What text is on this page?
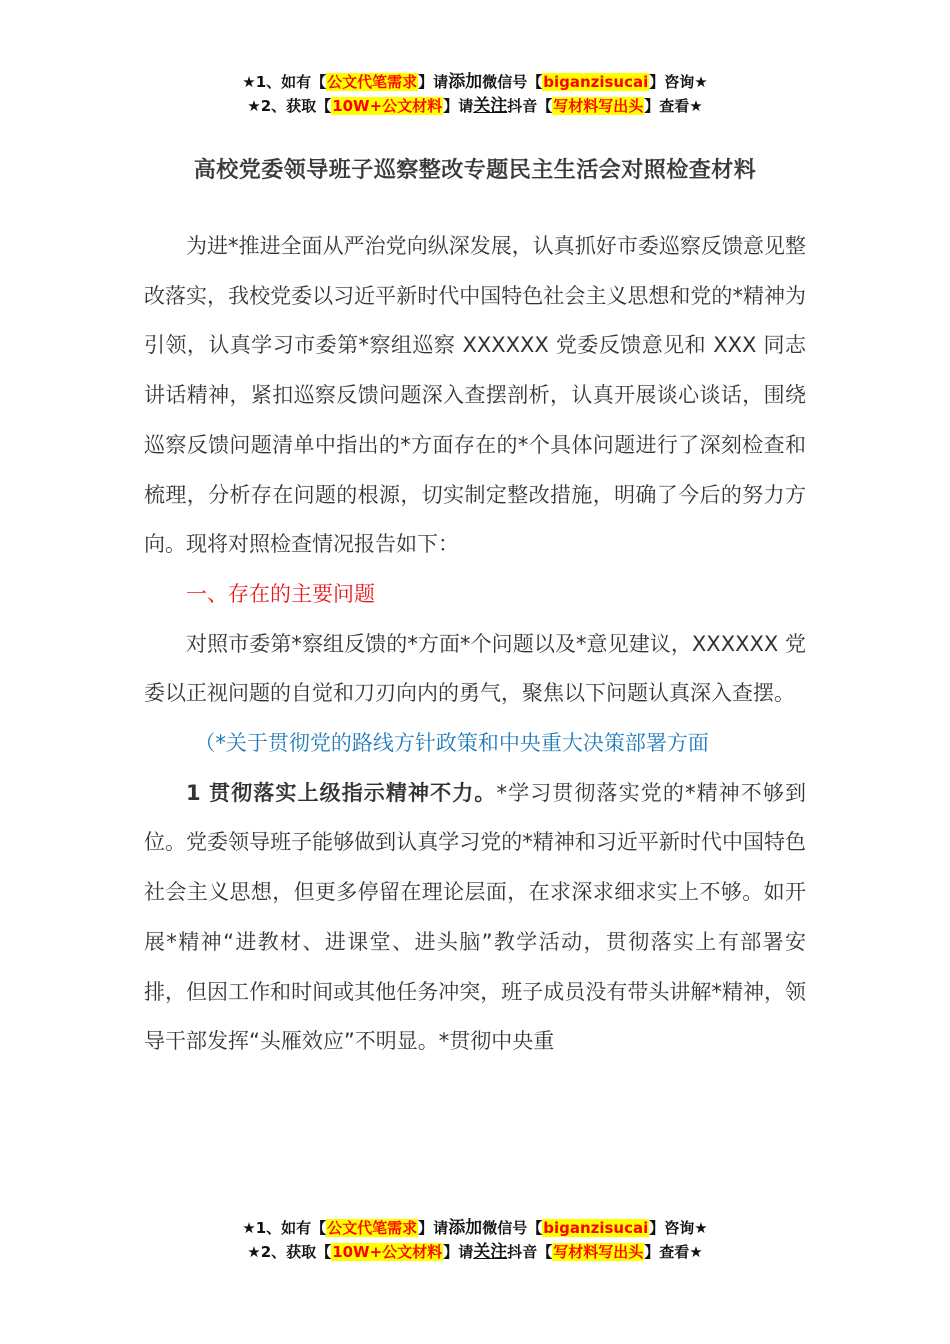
★1、如有【公文代笔需求】请添加微信号【biganzisucai】咨询★
★2、获取【10W+公文材料】请关注抖音【写材料写出头】查看★
高校党委领导班子巡察整改专题民主生活会对照检查材料

为进*推进全面从严治党向纵深发展，认真抓好市委巡察反馈意见整改落实，我校党委以习近平新时代中国特色社会主义思想和党的*精神为引领，认真学习市委第*察组巡察 XXXXXX 党委反馈意见和 XXX 同志讲话精神，紧扣巡察反馈问题深入查摆剖析，认真开展谈心谈话，围绕巡察反馈问题清单中指出的*方面存在的*个具体问题进行了深刻检查和梳理，分析存在问题的根源，切实制定整改措施，明确了今后的努力方向。现将对照检查情况报告如下：

一、存在的主要问题

对照市委第*察组反馈的*方面*个问题以及*意见建议，XXXXXX 党委以正视问题的自觉和刀刃向内的勇气，聚焦以下问题认真深入查摆。

（*关于贯彻党的路线方针政策和中央重大决策部署方面

1 贯彻落实上级指示精神不力。*学习贯彻落实党的*精神不够到位。党委领导班子能够做到认真学习党的*精神和习近平新时代中国特色社会主义思想，但更多停留在理论层面，在求深求细求实上不够。如开展*精神“进教材、进课堂、进头脑”教学活动，贯彻落实上有部署安排，但因工作和时间或其他任务冲突，班子成员没有带头讲解*精神，领导干部发挥“头雁效应”不明显。*贯彻中央重

★1、如有【公文代笔需求】请添加微信号【biganzisucai】咨询★
★2、获取【10W+公文材料】请关注抖音【写材料写出头】查看★
